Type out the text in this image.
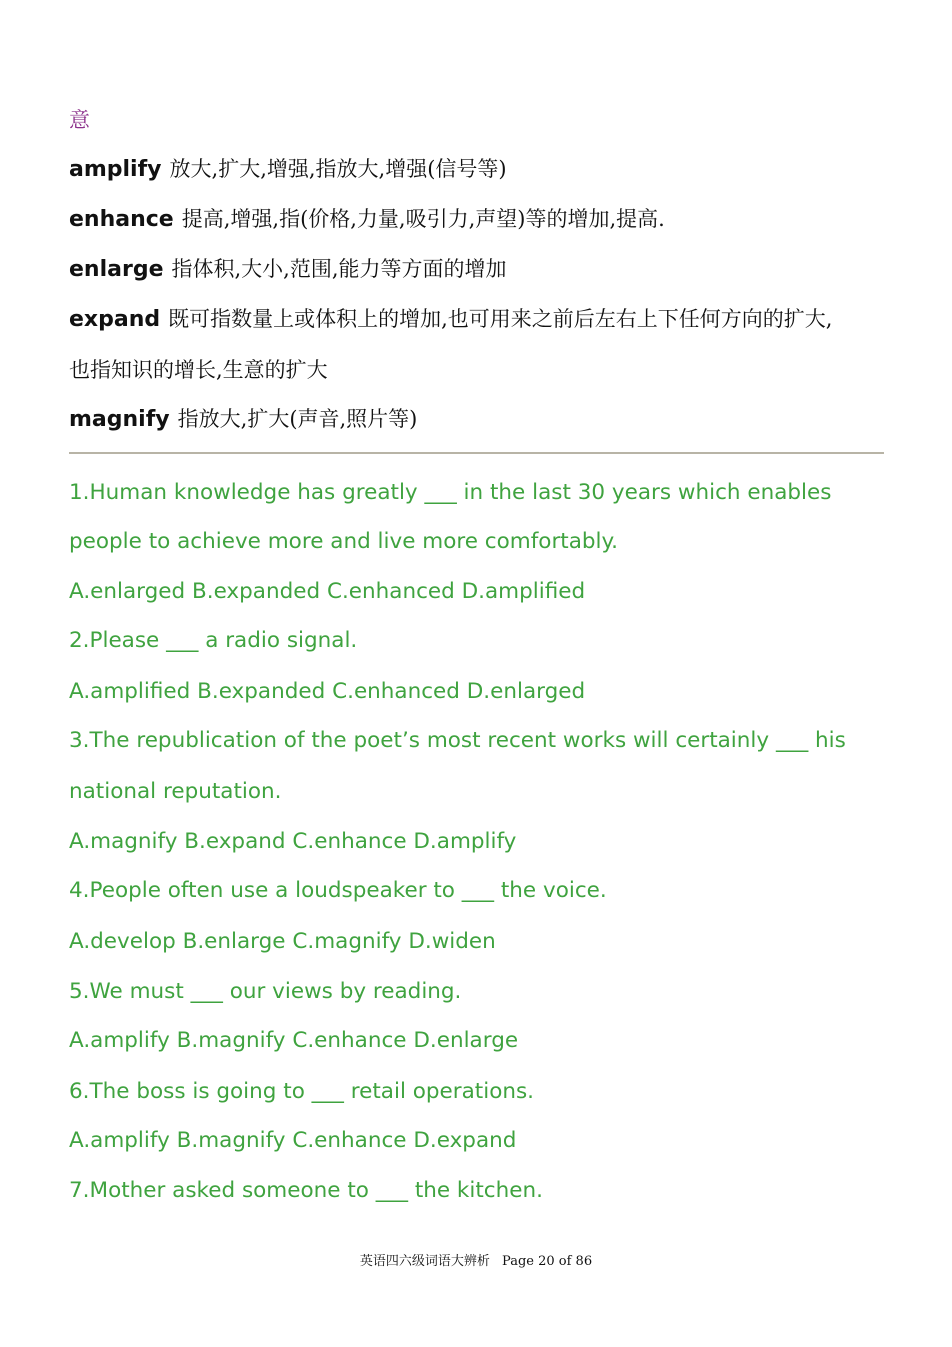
意
amplify 放大,扩大,增强,指放大,增强(信号等)
enhance 提高,增强,指(价格,力量,吸引力,声望)等的增加,提高.
enlarge 指体积,大小,范围,能力等方面的增加
expand 既可指数量上或体积上的增加,也可用来之前后左右上下任何方向的扩大,
也指知识的增长,生意的扩大
magnify 指放大,扩大(声音,照片等)
1.Human knowledge has greatly ___ in the last 30 years which enables
people to achieve more and live more comfortably.
A.enlarged B.expanded C.enhanced D.amplified
2.Please ___ a radio signal.
A.amplified B.expanded C.enhanced D.enlarged
3.The republication of the poet’s most recent works will certainly ___ his
national reputation.
A.magnify B.expand C.enhance D.amplify
4.People often use a loudspeaker to ___ the voice.
A.develop B.enlarge C.magnify D.widen
5.We must ___ our views by reading.
A.amplify B.magnify C.enhance D.enlarge
6.The boss is going to ___ retail operations.
A.amplify B.magnify C.enhance D.expand
7.Mother asked someone to ___ the kitchen.
英语四六级词语大辨析 Page 20 of 86
